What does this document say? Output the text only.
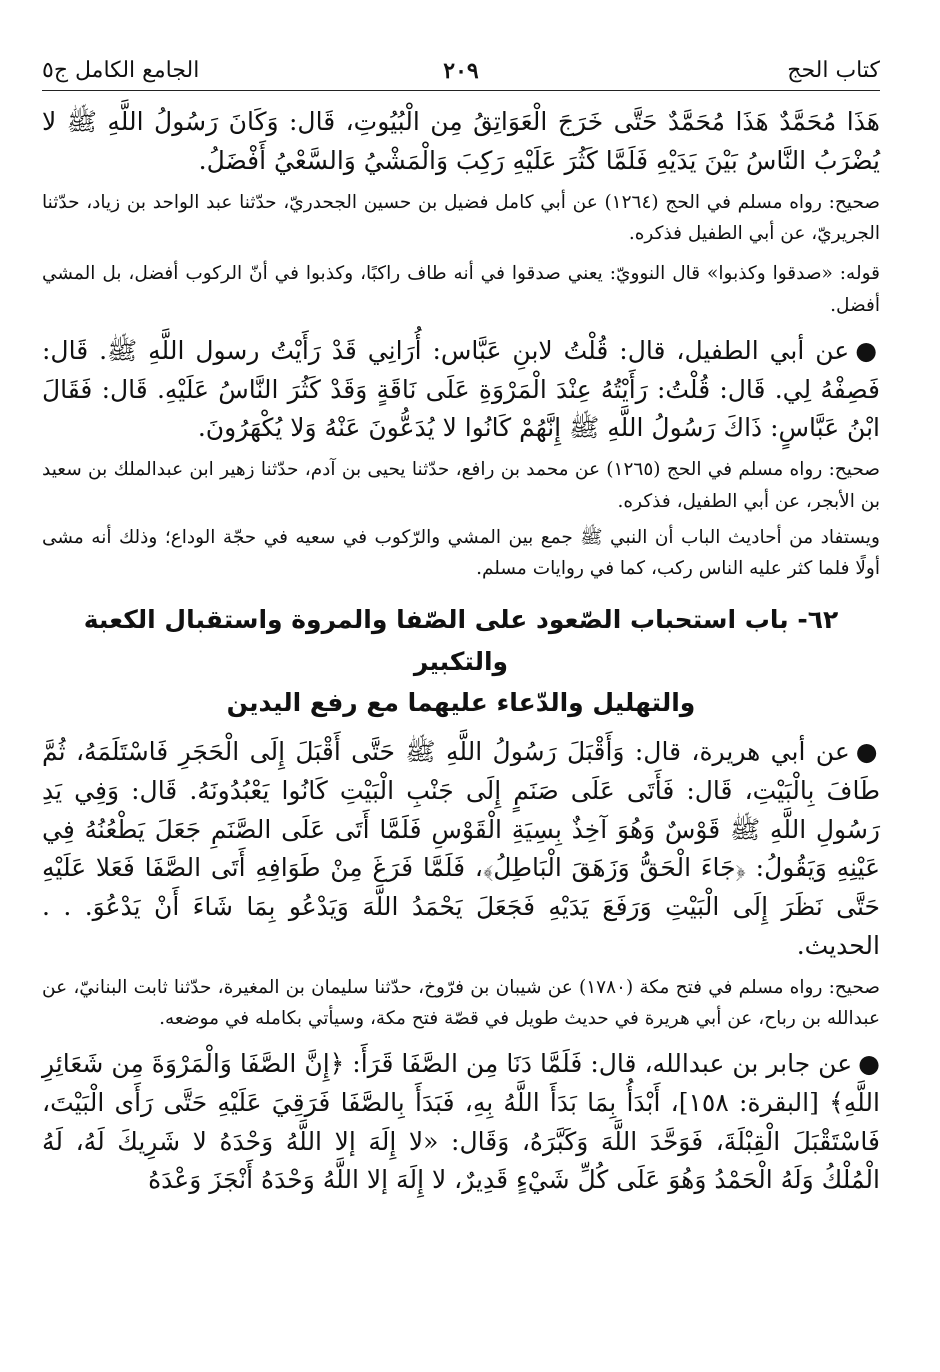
كتاب الحج
٢٠٩
الجامع الكامل ج٥

هَذَا مُحَمَّدٌ هَذَا مُحَمَّدٌ حَتَّى خَرَجَ الْعَوَاتِقُ مِن الْبُيُوتِ، قَال: وَكَانَ رَسُولُ اللَّهِ ﷺ لا يُضْرَبُ النَّاسُ بَيْنَ يَدَيْهِ فَلَمَّا كَثُرَ عَلَيْهِ رَكِبَ وَالْمَشْيُ وَالسَّعْيُ أَفْضَلُ.

صحيح: رواه مسلم في الحج (١٢٦٤) عن أبي كامل فضيل بن حسين الجحدريّ، حدّثنا عبد الواحد بن زياد، حدّثنا الجريريّ، عن أبي الطفيل فذكره.

قوله: «صدقوا وكذبوا» قال النوويّ: يعني صدقوا في أنه طاف راكبًا، وكذبوا في أنّ الركوب أفضل، بل المشي أفضل.

●عن أبي الطفيل، قال: قُلْتُ لابنِ عَبَّاس: أُرَانِي قَدْ رَأَيْتُ رسول اللَّهِ ﷺ. قَال: فَصِفْهُ لِي. قَال: قُلْتُ: رَأَيْتُهُ عِنْدَ الْمَرْوَةِ عَلَى نَاقَةٍ وَقَدْ كَثُرَ النَّاسُ عَلَيْهِ. قَال: فَقَالَ ابْنُ عَبَّاسٍ: ذَاكَ رَسُولُ اللَّهِ ﷺ إِنَّهُمْ كَانُوا لا يُدَعُّونَ عَنْهُ وَلا يُكْهَرُونَ.

صحيح: رواه مسلم في الحج (١٢٦٥) عن محمد بن رافع، حدّثنا يحيى بن آدم، حدّثنا زهير ابن عبدالملك بن سعيد بن الأبجر، عن أبي الطفيل، فذكره.

ويستفاد من أحاديث الباب أن النبي ﷺ جمع بين المشي والرّكوب في سعيه في حجّة الوداع؛ وذلك أنه مشى أولًا فلما كثر عليه الناس ركب، كما في روايات مسلم.

٦٢- باب استحباب الصّعود على الصّفا والمروة واستقبال الكعبة والتكبير
والتهليل والدّعاء عليهما مع رفع اليدين

●عن أبي هريرة، قال: وَأَقْبَلَ رَسُولُ اللَّهِ ﷺ حَتَّى أَقْبَلَ إِلَى الْحَجَرِ فَاسْتَلَمَهُ، ثُمَّ طَافَ بِالْبَيْتِ، قَال: فَأَتَى عَلَى صَنَمٍ إِلَى جَنْبِ الْبَيْتِ كَانُوا يَعْبُدُونَهُ. قَال: وَفِي يَدِ رَسُولِ اللَّهِ ﷺ قَوْسٌ وَهُوَ آخِذٌ بِسِيَةِ الْقَوْسِ فَلَمَّا أَتَى عَلَى الصَّنَمِ جَعَلَ يَطْعُنُهُ فِي عَيْنِهِ وَيَقُولُ: ﴿جَاءَ الْحَقُّ وَزَهَقَ الْبَاطِلُ﴾، فَلَمَّا فَرَغَ مِنْ طَوَافِهِ أَتَى الصَّفَا فَعَلا عَلَيْهِ حَتَّى نَظَرَ إِلَى الْبَيْتِ وَرَفَعَ يَدَيْهِ فَجَعَلَ يَحْمَدُ اللَّهَ وَيَدْعُو بِمَا شَاءَ أَنْ يَدْعُوَ. . . الحديث.

صحيح: رواه مسلم في فتح مكة (١٧٨٠) عن شيبان بن فرّوخ، حدّثنا سليمان بن المغيرة، حدّثنا ثابت البنانيّ، عن عبدالله بن رباح، عن أبي هريرة في حديث طويل في قصّة فتح مكة، وسيأتي بكامله في موضعه.

●عن جابر بن عبدالله، قال: فَلَمَّا دَنَا مِن الصَّفَا قَرَأَ: ﴿إِنَّ الصَّفَا وَالْمَرْوَةَ مِن شَعَائِرِ اللَّهِ﴾ [البقرة: ١٥٨]، أَبْدَأُ بِمَا بَدَأَ اللَّهُ بِهِ، فَبَدَأَ بِالصَّفَا فَرَقِيَ عَلَيْهِ حَتَّى رَأَى الْبَيْتَ، فَاسْتَقْبَلَ الْقِبْلَةَ، فَوَحَّدَ اللَّهَ وَكَبَّرَهُ، وَقَال: «لا إِلَهَ إلا اللَّهُ وَحْدَهُ لا شَرِيكَ لَهُ، لَهُ الْمُلْكُ وَلَهُ الْحَمْدُ وَهُوَ عَلَى كُلِّ شَيْءٍ قَدِيرٌ، لا إِلَهَ إلا اللَّهُ وَحْدَهُ أَنْجَزَ وَعْدَهُ
